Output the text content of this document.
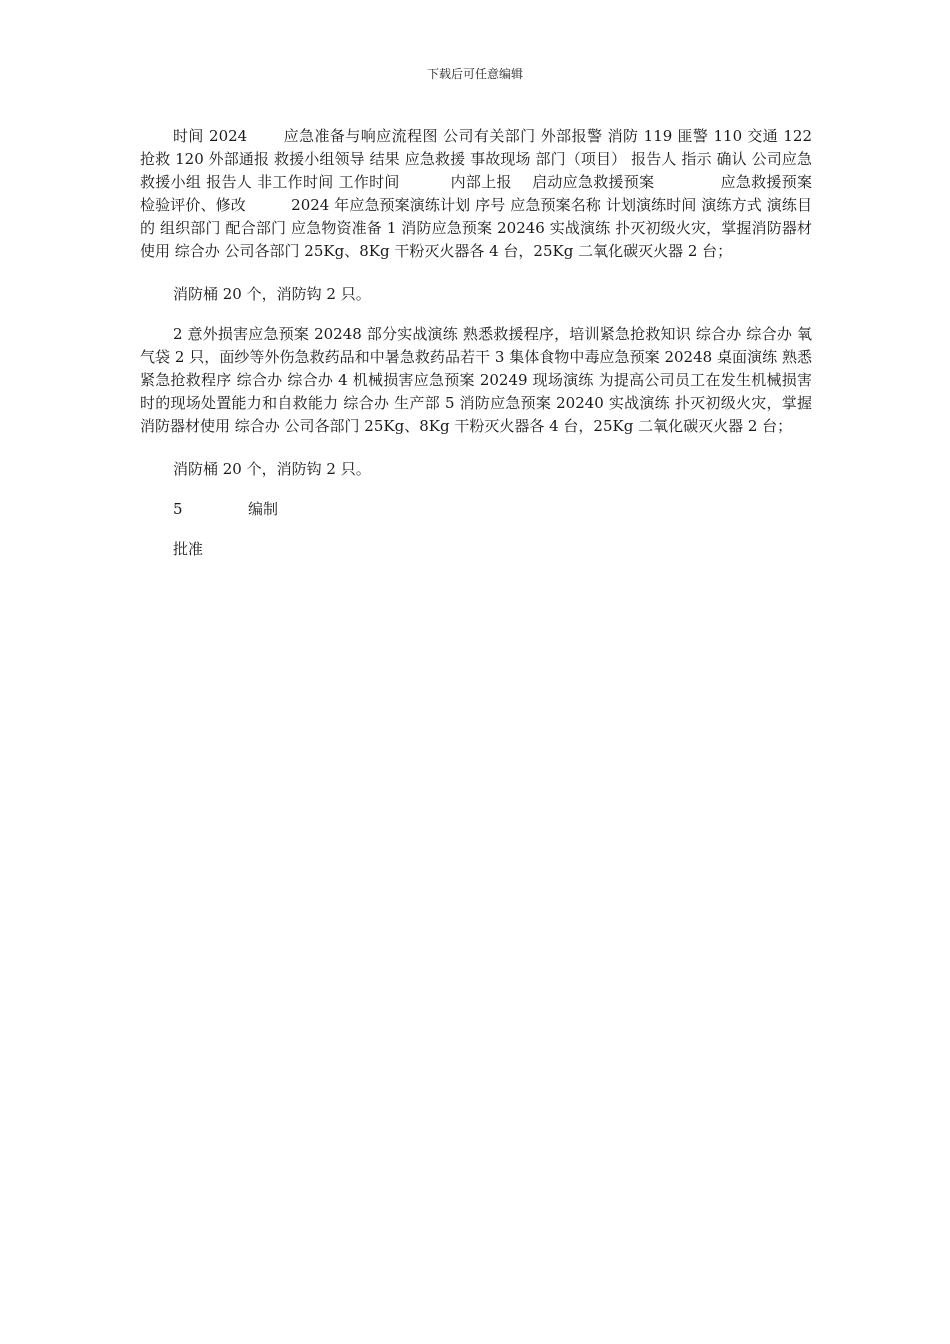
下载后可任意编辑

时间 2024　　 应急准备与响应流程图 公司有关部门 外部报警 消防 119 匪警 110 交通 122 抢救 120 外部通报 救援小组领导 结果 应急救援 事故现场 部门（项目） 报告人 指示 确认 公司应急救援小组 报告人 非工作时间 工作时间　　　 内部上报　 启动应急救援预案　　　　 应急救援预案检验评价、修改　　　2024 年应急预案演练计划 序号 应急预案名称 计划演练时间 演练方式 演练目的 组织部门 配合部门 应急物资准备 1 消防应急预案 20246 实战演练 扑灭初级火灾，掌握消防器材使用 综合办 公司各部门 25Kg、8Kg 干粉灭火器各 4 台，25Kg 二氧化碳灭火器 2 台；

消防桶 20 个，消防钩 2 只。

2 意外损害应急预案 20248 部分实战演练 熟悉救援程序，培训紧急抢救知识 综合办 综合办 氧气袋 2 只，面纱等外伤急救药品和中暑急救药品若干 3 集体食物中毒应急预案 20248 桌面演练 熟悉紧急抢救程序 综合办 综合办 4 机械损害应急预案 20249 现场演练 为提高公司员工在发生机械损害时的现场处置能力和自救能力 综合办 生产部 5 消防应急预案 20240 实战演练 扑灭初级火灾，掌握消防器材使用 综合办 公司各部门 25Kg、8Kg 干粉灭火器各 4 台，25Kg 二氧化碳灭火器 2 台；

消防桶 20 个，消防钩 2 只。

5	编制
批准
